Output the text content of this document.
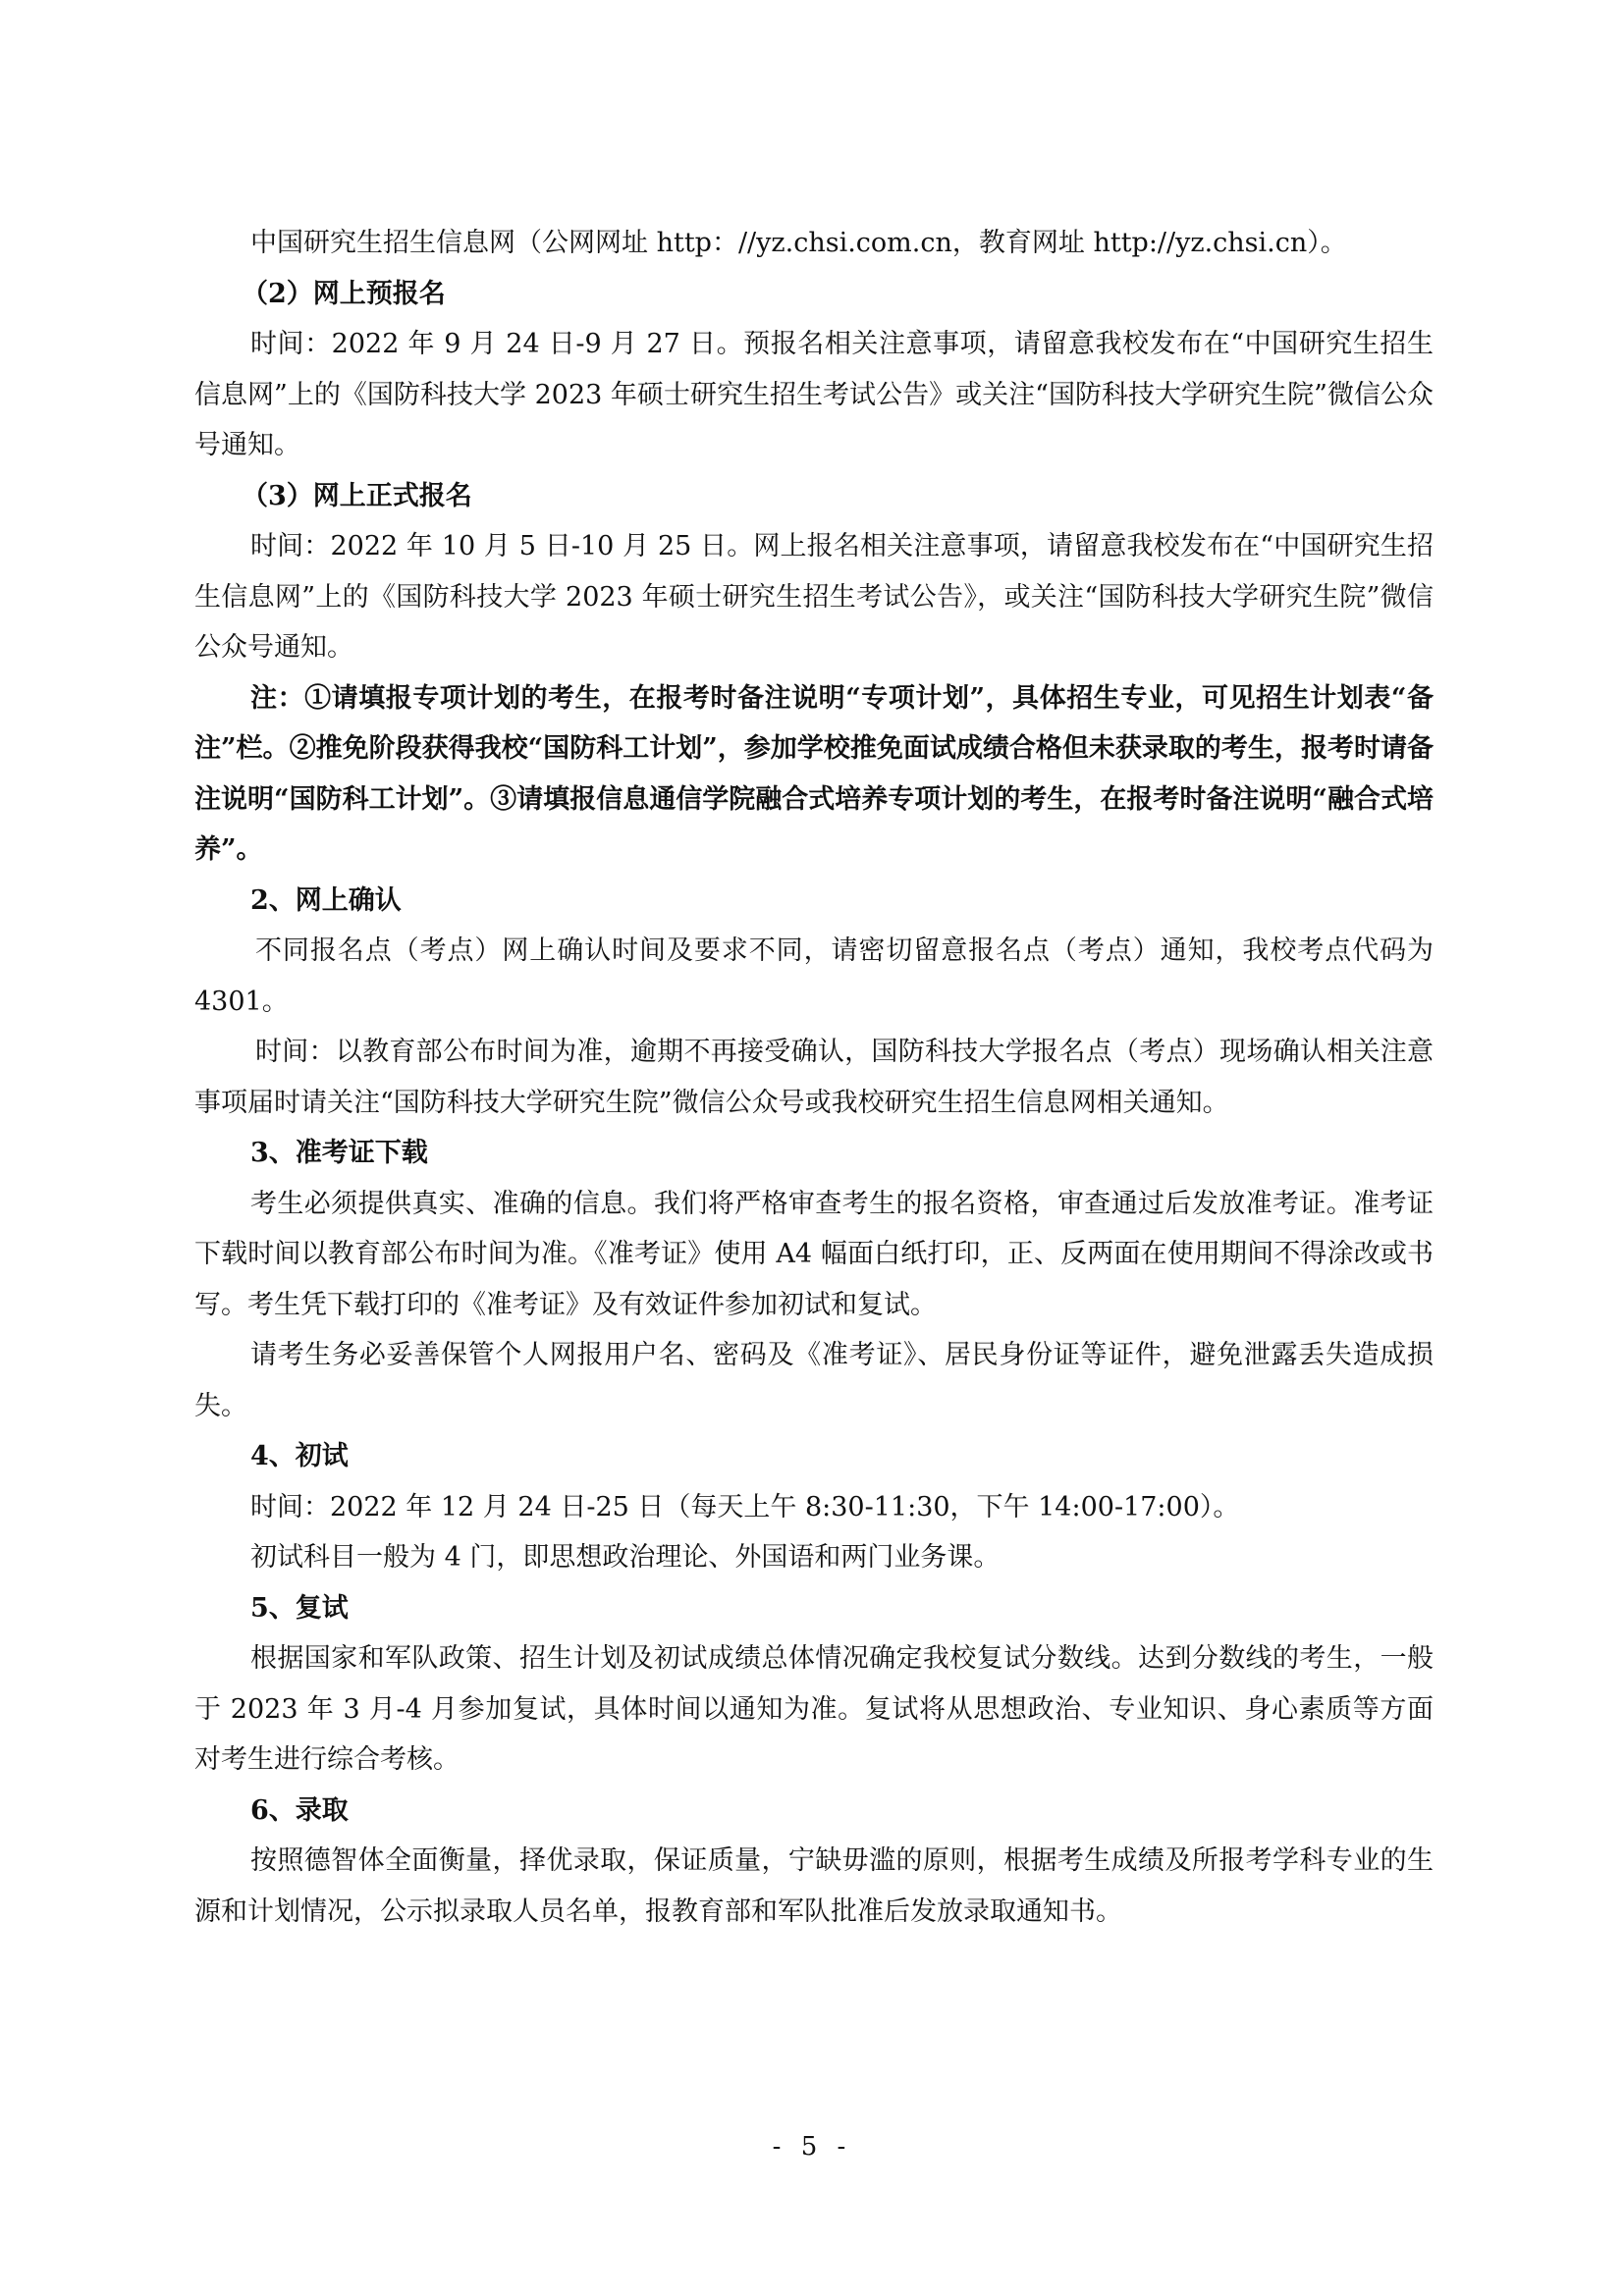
中国研究生招生信息网（公网网址 http：//yz.chsi.com.cn，教育网址 http://yz.chsi.cn）。

（2）网上预报名

时间：2022 年 9 月 24 日-9 月 27 日。预报名相关注意事项，请留意我校发布在“中国研究生招生信息网”上的《国防科技大学 2023 年硕士研究生招生考试公告》或关注“国防科技大学研究生院”微信公众号通知。

（3）网上正式报名

时间：2022 年 10 月 5 日-10 月 25 日。网上报名相关注意事项，请留意我校发布在“中国研究生招生信息网”上的《国防科技大学 2023 年硕士研究生招生考试公告》，或关注“国防科技大学研究生院”微信公众号通知。

注：①请填报专项计划的考生，在报考时备注说明“专项计划”，具体招生专业，可见招生计划表“备注”栏。②推免阶段获得我校“国防科工计划”，参加学校推免面试成绩合格但未获录取的考生，报考时请备注说明“国防科工计划”。③请填报信息通信学院融合式培养专项计划的考生，在报考时备注说明“融合式培养”。

2、网上确认

不同报名点（考点）网上确认时间及要求不同，请密切留意报名点（考点）通知，我校考点代码为 4301。

时间：以教育部公布时间为准，逾期不再接受确认，国防科技大学报名点（考点）现场确认相关注意事项届时请关注“国防科技大学研究生院”微信公众号或我校研究生招生信息网相关通知。

3、准考证下载

考生必须提供真实、准确的信息。我们将严格审查考生的报名资格，审查通过后发放准考证。准考证下载时间以教育部公布时间为准。《准考证》使用 A4 幅面白纸打印，正、反两面在使用期间不得涂改或书写。考生凭下载打印的《准考证》及有效证件参加初试和复试。

请考生务必妥善保管个人网报用户名、密码及《准考证》、居民身份证等证件，避免泄露丢失造成损失。

4、初试

时间：2022 年 12 月 24 日-25 日（每天上午 8:30-11:30，下午 14:00-17:00）。

初试科目一般为 4 门，即思想政治理论、外国语和两门业务课。

5、复试

根据国家和军队政策、招生计划及初试成绩总体情况确定我校复试分数线。达到分数线的考生，一般于 2023 年 3 月-4 月参加复试，具体时间以通知为准。复试将从思想政治、专业知识、身心素质等方面对考生进行综合考核。

6、录取

按照德智体全面衡量，择优录取，保证质量，宁缺毋滥的原则，根据考生成绩及所报考学科专业的生源和计划情况，公示拟录取人员名单，报教育部和军队批准后发放录取通知书。

- 5 -
